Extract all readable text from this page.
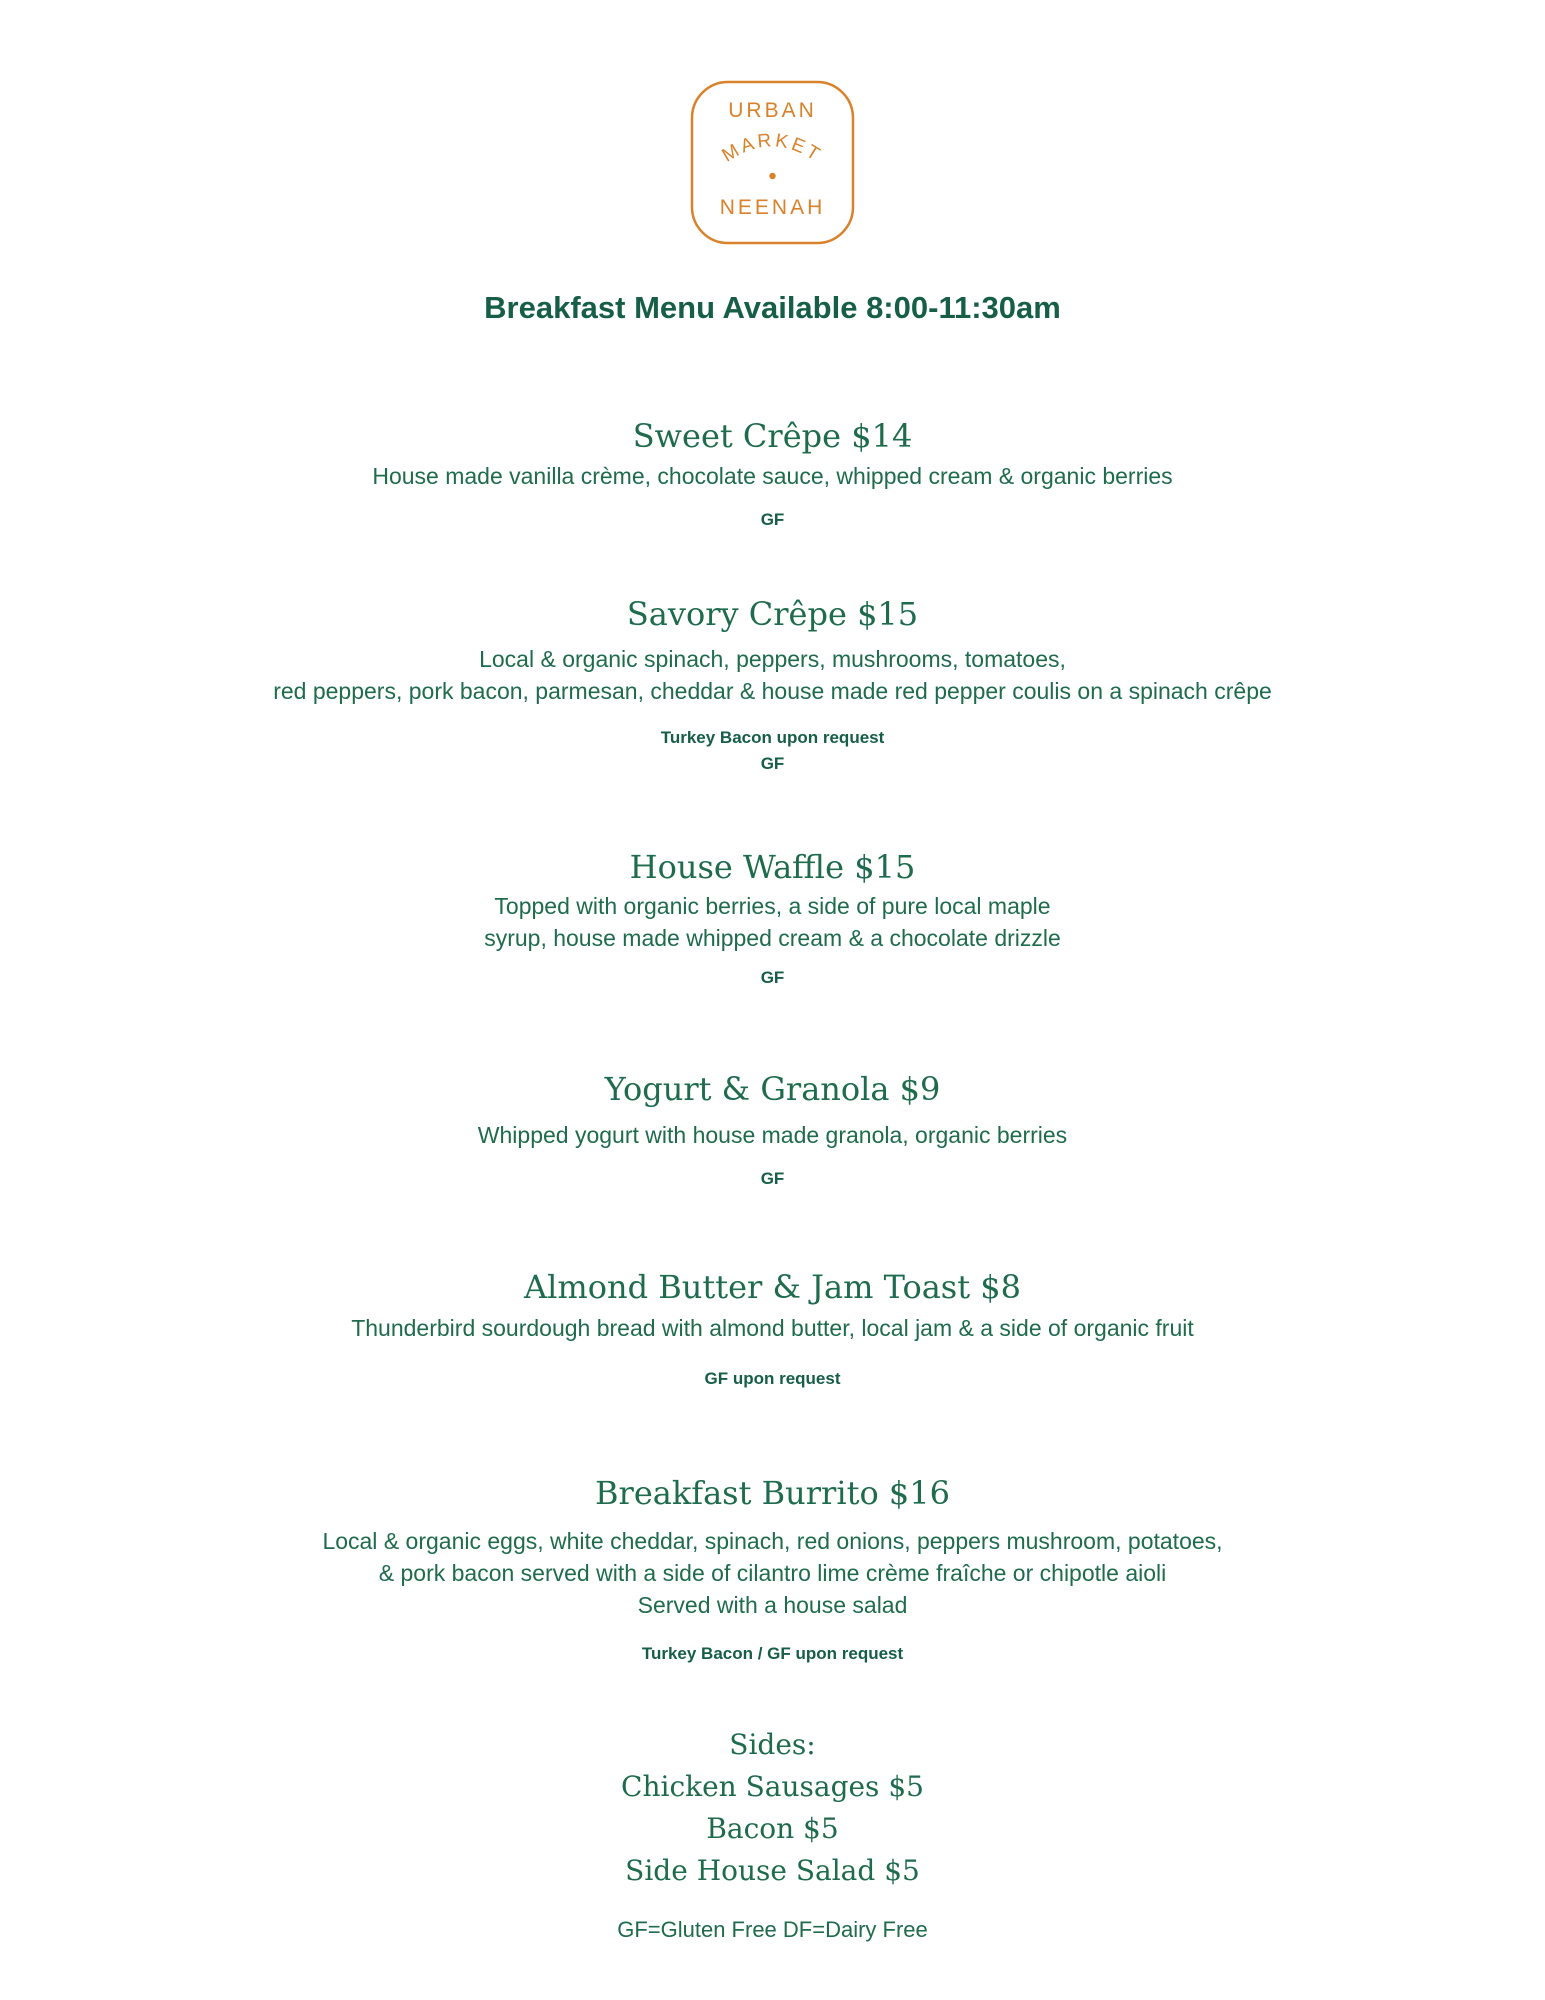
URBAN
MARKET
NEENAH
Breakfast Menu Available 8:00-11:30am
Sweet Crêpe $14
House made vanilla crème, chocolate sauce, whipped cream & organic berries
GF
Savory Crêpe $15
Local & organic spinach, peppers, mushrooms, tomatoes,
red peppers, pork bacon, parmesan, cheddar & house made red pepper coulis on a spinach crêpe
Turkey Bacon upon request
GF
House Waffle $15
Topped with organic berries, a side of pure local maple
syrup, house made whipped cream & a chocolate drizzle
GF
Yogurt & Granola $9
Whipped yogurt with house made granola, organic berries
GF
Almond Butter & Jam Toast $8
Thunderbird sourdough bread with almond butter, local jam & a side of organic fruit
GF upon request
Breakfast Burrito $16
Local & organic eggs, white cheddar, spinach, red onions, peppers mushroom, potatoes,
& pork bacon served with a side of cilantro lime crème fraîche or chipotle aioli
Served with a house salad
Turkey Bacon / GF upon request
Sides:
Chicken Sausages $5
Bacon $5
Side House Salad $5
GF=Gluten Free DF=Dairy Free
